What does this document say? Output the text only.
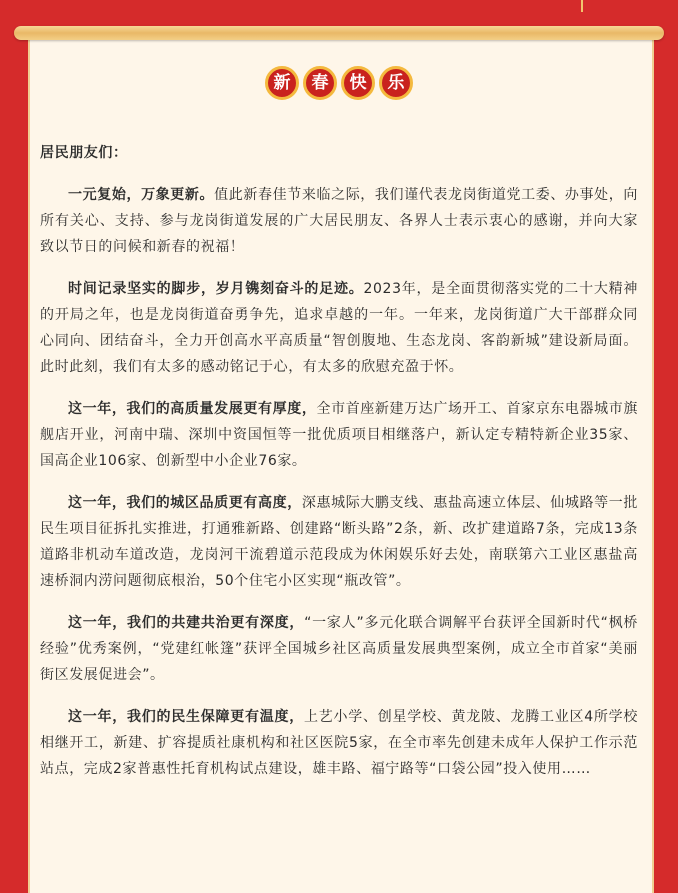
新 春 快 乐

居民朋友们：

一元复始，万象更新。值此新春佳节来临之际，我们谨代表龙岗街道党工委、办事处，向所有关心、支持、参与龙岗街道发展的广大居民朋友、各界人士表示衷心的感谢，并向大家致以节日的问候和新春的祝福！

时间记录坚实的脚步，岁月镌刻奋斗的足迹。2023年，是全面贯彻落实党的二十大精神的开局之年，也是龙岗街道奋勇争先，追求卓越的一年。一年来，龙岗街道广大干部群众同心同向、团结奋斗，全力开创高水平高质量“智创腹地、生态龙岗、客韵新城”建设新局面。此时此刻，我们有太多的感动铭记于心，有太多的欣慰充盈于怀。

这一年，我们的高质量发展更有厚度，全市首座新建万达广场开工、首家京东电器城市旗舰店开业，河南中瑞、深圳中资国恒等一批优质项目相继落户，新认定专精特新企业35家、国高企业106家、创新型中小企业76家。

这一年，我们的城区品质更有高度，深惠城际大鹏支线、惠盐高速立体层、仙城路等一批民生项目征拆扎实推进，打通雅新路、创建路“断头路”2条，新、改扩建道路7条，完成13条道路非机动车道改造，龙岗河干流碧道示范段成为休闲娱乐好去处，南联第六工业区惠盐高速桥洞内涝问题彻底根治，50个住宅小区实现“瓶改管”。

这一年，我们的共建共治更有深度，“一家人”多元化联合调解平台获评全国新时代“枫桥经验”优秀案例，“党建红帐篷”获评全国城乡社区高质量发展典型案例，成立全市首家“美丽街区发展促进会”。

这一年，我们的民生保障更有温度，上艺小学、创星学校、黄龙陂、龙腾工业区4所学校相继开工，新建、扩容提质社康机构和社区医院5家，在全市率先创建未成年人保护工作示范站点，完成2家普惠性托育机构试点建设，雄丰路、福宁路等“口袋公园”投入使用……
